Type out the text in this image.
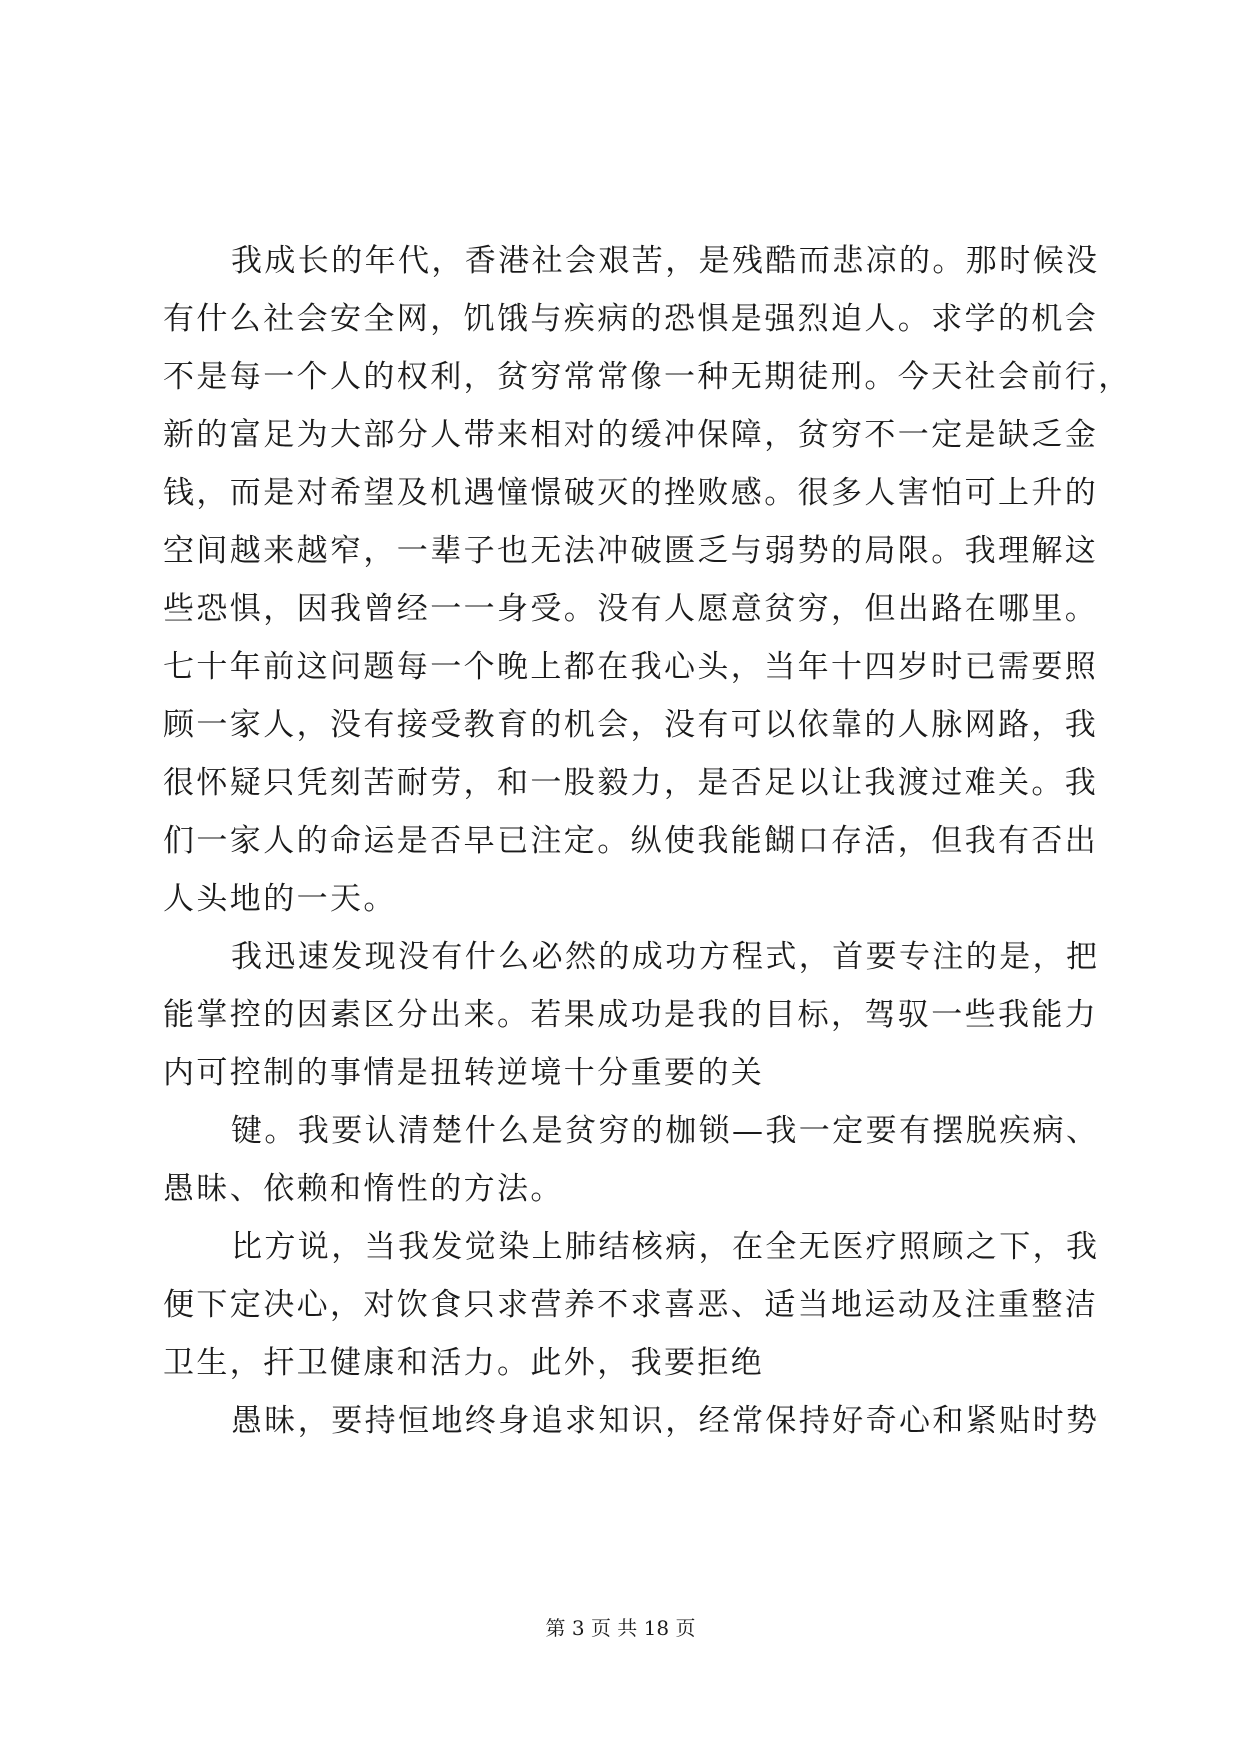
我成长的年代，香港社会艰苦，是残酷而悲凉的。那时候没
有什么社会安全网，饥饿与疾病的恐惧是强烈迫人。求学的机会
不是每一个人的权利，贫穷常常像一种无期徒刑。今天社会前行，
新的富足为大部分人带来相对的缓冲保障，贫穷不一定是缺乏金
钱，而是对希望及机遇憧憬破灭的挫败感。很多人害怕可上升的
空间越来越窄，一辈子也无法冲破匮乏与弱势的局限。我理解这
些恐惧，因我曾经一一身受。没有人愿意贫穷，但出路在哪里。
七十年前这问题每一个晚上都在我心头，当年十四岁时已需要照
顾一家人，没有接受教育的机会，没有可以依靠的人脉网路，我
很怀疑只凭刻苦耐劳，和一股毅力，是否足以让我渡过难关。我
们一家人的命运是否早已注定。纵使我能餬口存活，但我有否出
人头地的一天。
我迅速发现没有什么必然的成功方程式，首要专注的是，把
能掌控的因素区分出来。若果成功是我的目标，驾驭一些我能力
内可控制的事情是扭转逆境十分重要的关
键。我要认清楚什么是贫穷的枷锁—我一定要有摆脱疾病、
愚昧、依赖和惰性的方法。
比方说，当我发觉染上肺结核病，在全无医疗照顾之下，我
便下定决心，对饮食只求营养不求喜恶、适当地运动及注重整洁
卫生，扞卫健康和活力。此外，我要拒绝
愚昧，要持恒地终身追求知识，经常保持好奇心和紧贴时势
第 3 页 共 18 页
